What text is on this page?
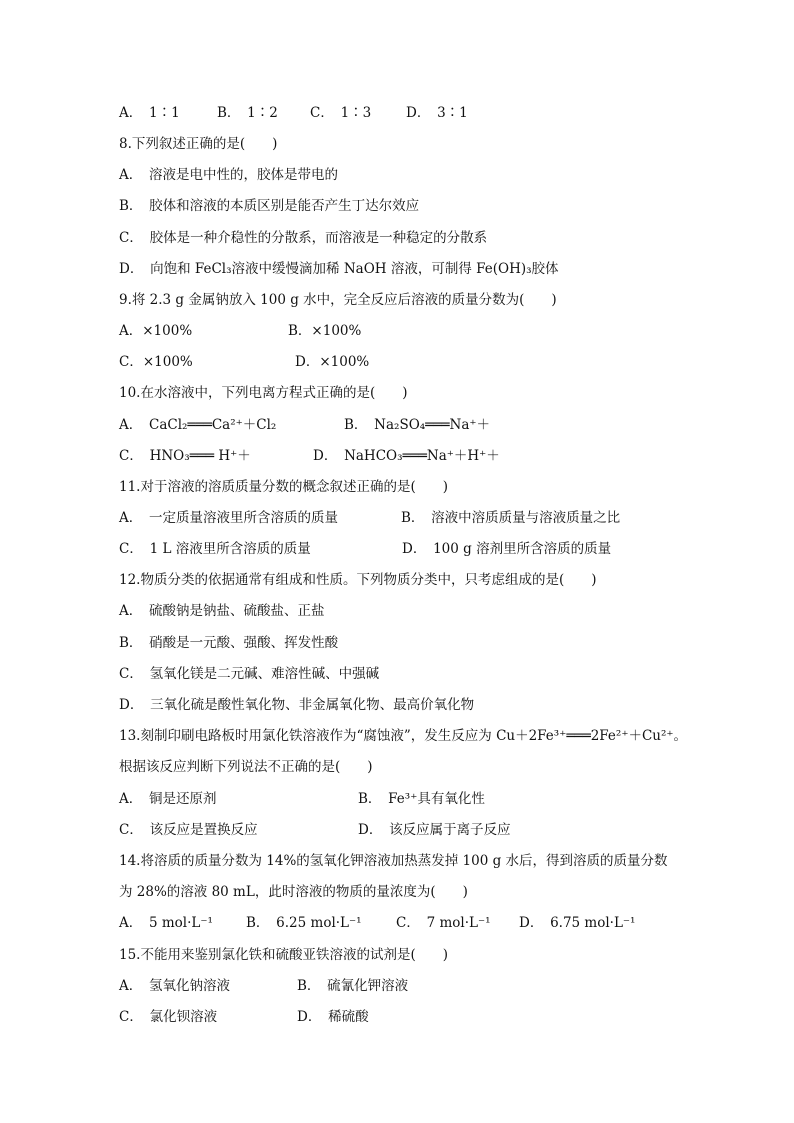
A．　1∶1	B．　1∶2 C．　1∶3	D．　3∶1
8.下列叙述正确的是(　　)
A．　溶液是电中性的，胶体是带电的
B．　胶体和溶液的本质区别是能否产生丁达尔效应
C．　胶体是一种介稳性的分散系，而溶液是一种稳定的分散系
D．　向饱和 FeCl₃溶液中缓慢滴加稀 NaOH 溶液，可制得 Fe(OH)₃胶体
9.将 2.3 g 金属钠放入 100 g 水中，完全反应后溶液的质量分数为(　　)
A．×100%	B．×100%
C．×100%	D．×100%
10.在水溶液中，下列电离方程式正确的是(　　)
A．　CaCl₂═══Ca²⁺＋Cl₂	B．　Na₂SO₄═══Na⁺＋
C．　HNO₃═══ H⁺＋	D．　NaHCO₃═══Na⁺＋H⁺＋
11.对于溶液的溶质质量分数的概念叙述正确的是(　　)
A．　一定质量溶液里所含溶质的质量	B．　溶液中溶质质量与溶液质量之比
C．　1 L 溶液里所含溶质的质量	D．　100 g 溶剂里所含溶质的质量
12.物质分类的依据通常有组成和性质。下列物质分类中，只考虑组成的是(　　)
A．　硫酸钠是钠盐、硫酸盐、正盐
B．　硝酸是一元酸、强酸、挥发性酸
C．　氢氧化镁是二元碱、难溶性碱、中强碱
D．　三氧化硫是酸性氧化物、非金属氧化物、最高价氧化物
13.刻制印刷电路板时用氯化铁溶液作为“腐蚀液”，发生反应为 Cu＋2Fe³⁺═══2Fe²⁺＋Cu²⁺。
根据该反应判断下列说法不正确的是(　　)
A．　铜是还原剂	B．　Fe³⁺具有氧化性
C．　该反应是置换反应	D．　该反应属于离子反应
14.将溶质的质量分数为 14%的氢氧化钾溶液加热蒸发掉 100 g 水后，得到溶质的质量分数
为 28%的溶液 80 mL，此时溶液的物质的量浓度为(　　)
A．　5 mol·L⁻¹ B．　6.25 mol·L⁻¹	C．　7 mol·L⁻¹ D．　6.75 mol·L⁻¹
15.不能用来鉴别氯化铁和硫酸亚铁溶液的试剂是(　　)
A．　氢氧化钠溶液	B．　硫氰化钾溶液
C．　氯化钡溶液	D．　稀硫酸
